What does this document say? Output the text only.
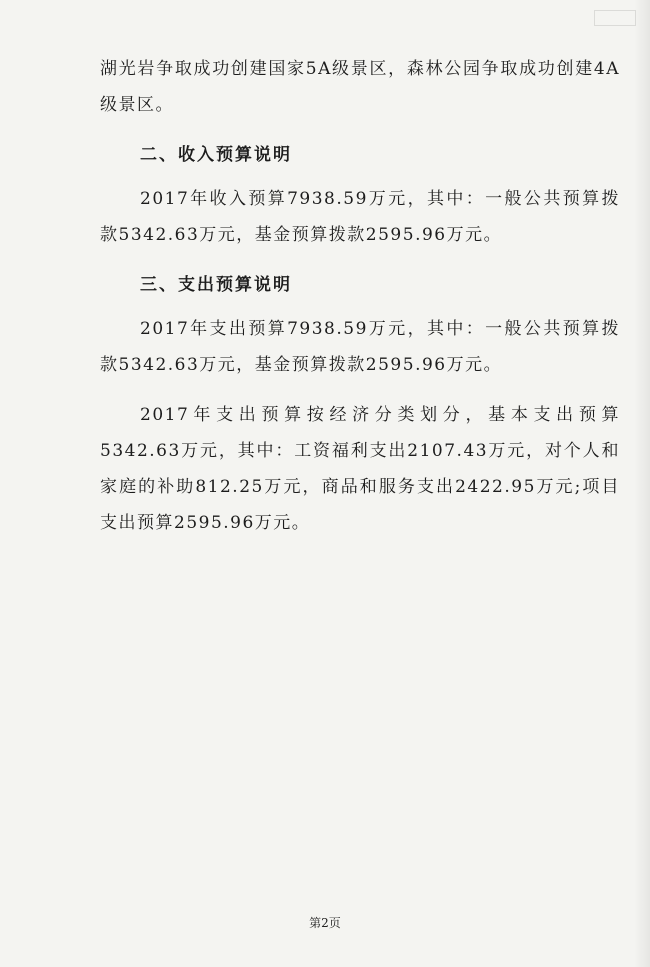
湖光岩争取成功创建国家5A级景区，森林公园争取成功创建4A级景区。

二、收入预算说明

2017年收入预算7938.59万元，其中：一般公共预算拨款5342.63万元，基金预算拨款2595.96万元。

三、支出预算说明

2017年支出预算7938.59万元，其中：一般公共预算拨款5342.63万元，基金预算拨款2595.96万元。

2017年支出预算按经济分类划分，基本支出预算5342.63万元，其中：工资福利支出2107.43万元，对个人和家庭的补助812.25万元，商品和服务支出2422.95万元;项目支出预算2595.96万元。

第2页
